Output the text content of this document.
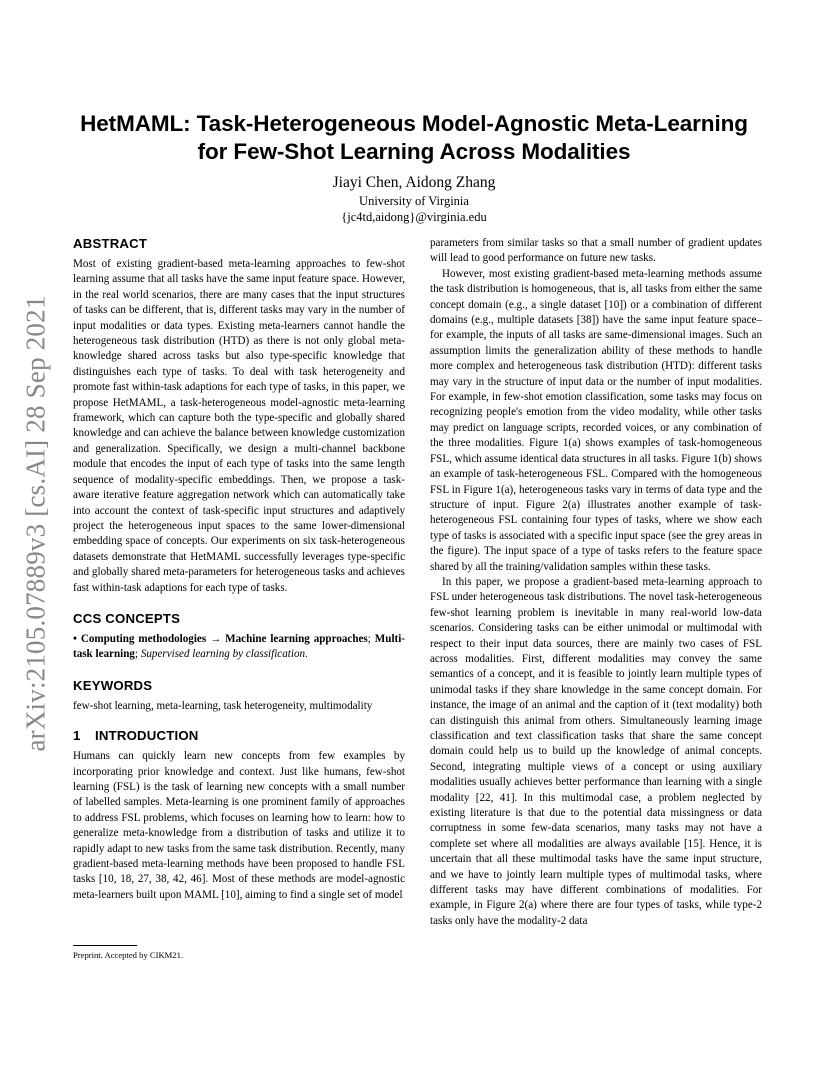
arXiv:2105.07889v3 [cs.AI] 28 Sep 2021
HetMAML: Task-Heterogeneous Model-Agnostic Meta-Learning
for Few-Shot Learning Across Modalities
Jiayi Chen, Aidong Zhang
University of Virginia
{jc4td,aidong}@virginia.edu
ABSTRACT

Most of existing gradient-based meta-learning approaches to few-shot learning assume that all tasks have the same input feature space. However, in the real world scenarios, there are many cases that the input structures of tasks can be different, that is, different tasks may vary in the number of input modalities or data types. Existing meta-learners cannot handle the heterogeneous task distribution (HTD) as there is not only global meta-knowledge shared across tasks but also type-specific knowledge that distinguishes each type of tasks. To deal with task heterogeneity and promote fast within-task adaptions for each type of tasks, in this paper, we propose HetMAML, a task-heterogeneous model-agnostic meta-learning framework, which can capture both the type-specific and globally shared knowledge and can achieve the balance between knowledge customization and generalization. Specifically, we design a multi-channel backbone module that encodes the input of each type of tasks into the same length sequence of modality-specific embeddings. Then, we propose a task-aware iterative feature aggregation network which can automatically take into account the context of task-specific input structures and adaptively project the heterogeneous input spaces to the same lower-dimensional embedding space of concepts. Our experiments on six task-heterogeneous datasets demonstrate that HetMAML successfully leverages type-specific and globally shared meta-parameters for heterogeneous tasks and achieves fast within-task adaptions for each type of tasks.

CCS CONCEPTS

• Computing methodologies → Machine learning approaches; Multi-task learning; Supervised learning by classification.

KEYWORDS

few-shot learning, meta-learning, task heterogeneity, multimodality

1 INTRODUCTION

Humans can quickly learn new concepts from few examples by incorporating prior knowledge and context. Just like humans, few-shot learning (FSL) is the task of learning new concepts with a small number of labelled samples. Meta-learning is one prominent family of approaches to address FSL problems, which focuses on learning how to learn: how to generalize meta-knowledge from a distribution of tasks and utilize it to rapidly adapt to new tasks from the same task distribution. Recently, many gradient-based meta-learning methods have been proposed to handle FSL tasks [10, 18, 27, 38, 42, 46]. Most of these methods are model-agnostic meta-learners built upon MAML [10], aiming to find a single set of model

parameters from similar tasks so that a small number of gradient updates will lead to good performance on future new tasks.

However, most existing gradient-based meta-learning methods assume the task distribution is homogeneous, that is, all tasks from either the same concept domain (e.g., a single dataset [10]) or a combination of different domains (e.g., multiple datasets [38]) have the same input feature space–for example, the inputs of all tasks are same-dimensional images. Such an assumption limits the generalization ability of these methods to handle more complex and heterogeneous task distribution (HTD): different tasks may vary in the structure of input data or the number of input modalities. For example, in few-shot emotion classification, some tasks may focus on recognizing people's emotion from the video modality, while other tasks may predict on language scripts, recorded voices, or any combination of the three modalities. Figure 1(a) shows examples of task-homogeneous FSL, which assume identical data structures in all tasks. Figure 1(b) shows an example of task-heterogeneous FSL. Compared with the homogeneous FSL in Figure 1(a), heterogeneous tasks vary in terms of data type and the structure of input. Figure 2(a) illustrates another example of task-heterogeneous FSL containing four types of tasks, where we show each type of tasks is associated with a specific input space (see the grey areas in the figure). The input space of a type of tasks refers to the feature space shared by all the training/validation samples within these tasks.

In this paper, we propose a gradient-based meta-learning approach to FSL under heterogeneous task distributions. The novel task-heterogeneous few-shot learning problem is inevitable in many real-world low-data scenarios. Considering tasks can be either unimodal or multimodal with respect to their input data sources, there are mainly two cases of FSL across modalities. First, different modalities may convey the same semantics of a concept, and it is feasible to jointly learn multiple types of unimodal tasks if they share knowledge in the same concept domain. For instance, the image of an animal and the caption of it (text modality) both can distinguish this animal from others. Simultaneously learning image classification and text classification tasks that share the same concept domain could help us to build up the knowledge of animal concepts. Second, integrating multiple views of a concept or using auxiliary modalities usually achieves better performance than learning with a single modality [22, 41]. In this multimodal case, a problem neglected by existing literature is that due to the potential data missingness or data corruptness in some few-data scenarios, many tasks may not have a complete set where all modalities are always available [15]. Hence, it is uncertain that all these multimodal tasks have the same input structure, and we have to jointly learn multiple types of multimodal tasks, where different tasks may have different combinations of modalities. For example, in Figure 2(a) where there are four types of tasks, while type-2 tasks only have the modality-2 data

Preprint. Accepted by CIKM21.
